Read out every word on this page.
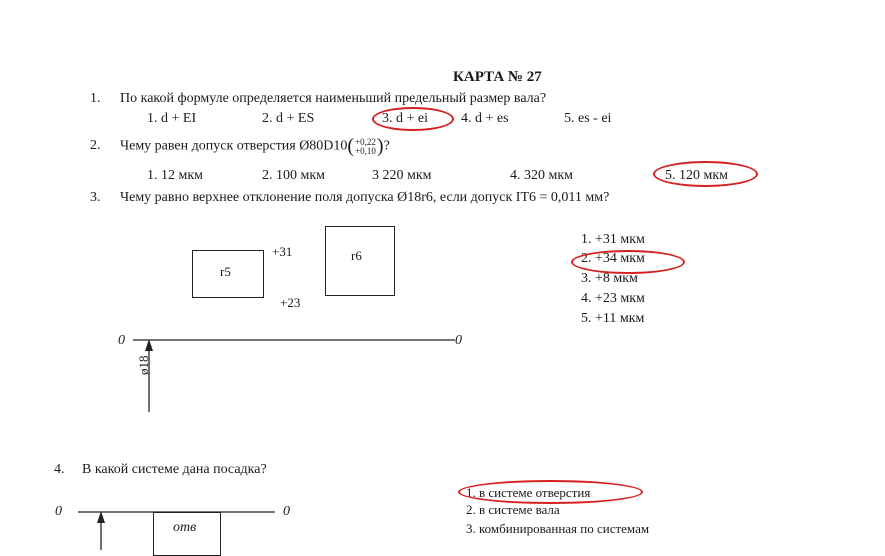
КАРТА № 27
1. По какой формуле определяется наименьший предельный размер вала?
1. d + EI	2. d + ES	3. d + ei 4. d + es	5. es - ei
2. Чему равен допуск отверстия Ø80D10(+0,22
+0,10)?
1. 12 мкм	2. 100 мкм	3 220 мкм	4. 320 мкм	5. 120 мкм
3. Чему равно верхнее отклонение поля допуска Ø18r6, если допуск IT6 = 0,011 мм?
r5
r6
+31
+23
0	0
ø18
1. +31 мкм
2. +34 мкм
3. +8 мкм
4. +23 мкм
5. +11 мкм
4. В какой системе дана посадка?
0	0
отв
1. в системе отверстия
2. в системе вала
3. комбинированная по системам
